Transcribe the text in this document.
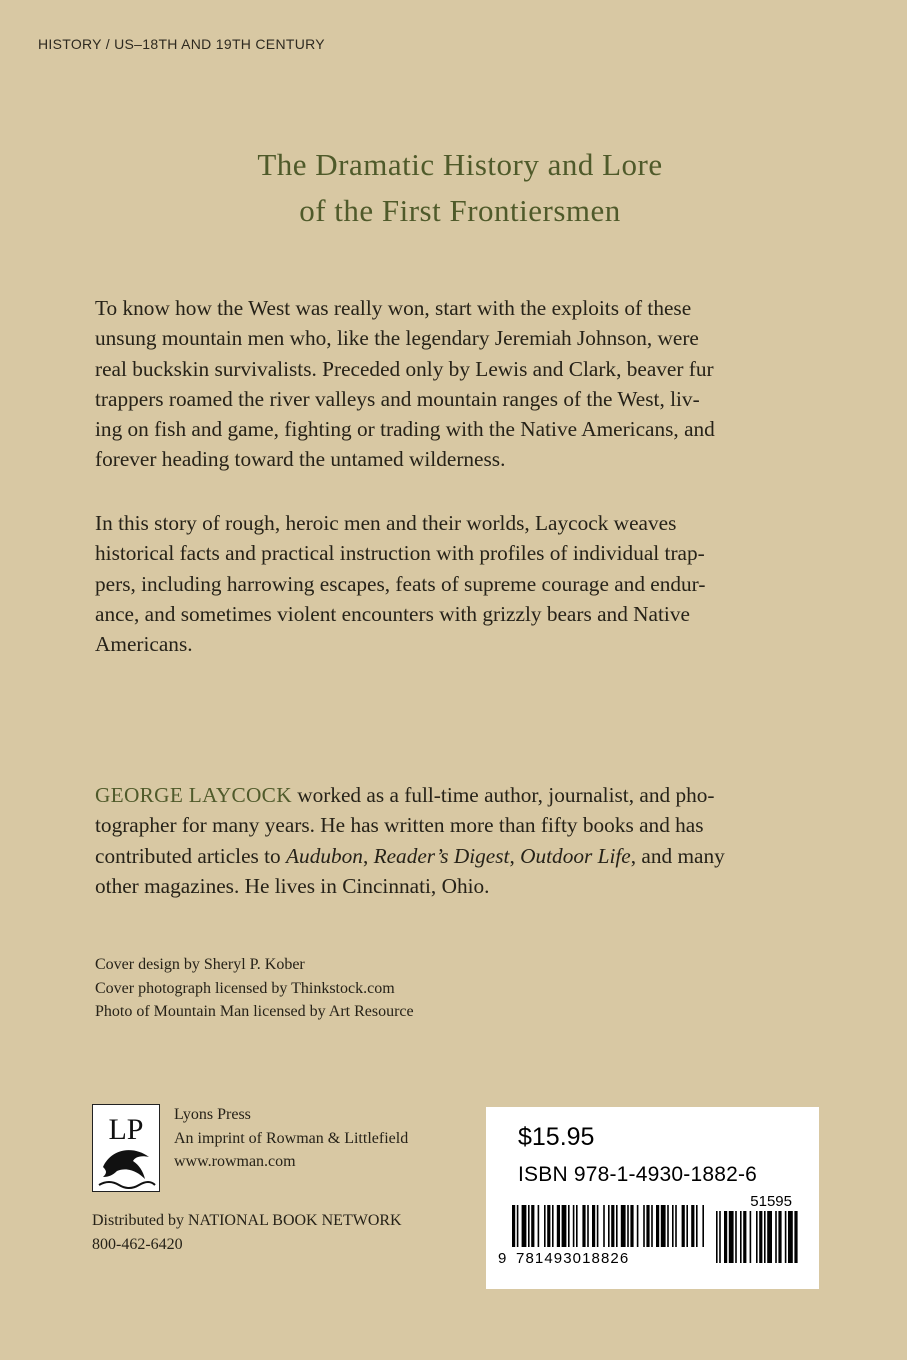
HISTORY / US–18TH AND 19TH CENTURY
The Dramatic History and Lore
of the First Frontiersmen
To know how the West was really won, start with the exploits of these
unsung mountain men who, like the legendary Jeremiah Johnson, were
real buckskin survivalists. Preceded only by Lewis and Clark, beaver fur
trappers roamed the river valleys and mountain ranges of the West, liv-
ing on fish and game, fighting or trading with the Native Americans, and
forever heading toward the untamed wilderness.
In this story of rough, heroic men and their worlds, Laycock weaves
historical facts and practical instruction with profiles of individual trap-
pers, including harrowing escapes, feats of supreme courage and endur-
ance, and sometimes violent encounters with grizzly bears and Native
Americans.
GEORGE LAYCOCK worked as a full-time author, journalist, and pho-
tographer for many years. He has written more than fifty books and has
contributed articles to Audubon, Reader’s Digest, Outdoor Life, and many
other magazines. He lives in Cincinnati, Ohio.
Cover design by Sheryl P. Kober
Cover photograph licensed by Thinkstock.com
Photo of Mountain Man licensed by Art Resource
LP Lyons Press
An imprint of Rowman & Littlefield
www.rowman.com
Distributed by NATIONAL BOOK NETWORK
800-462-6420
$15.95
ISBN 978-1-4930-1882-6
51595
9 781493018826
